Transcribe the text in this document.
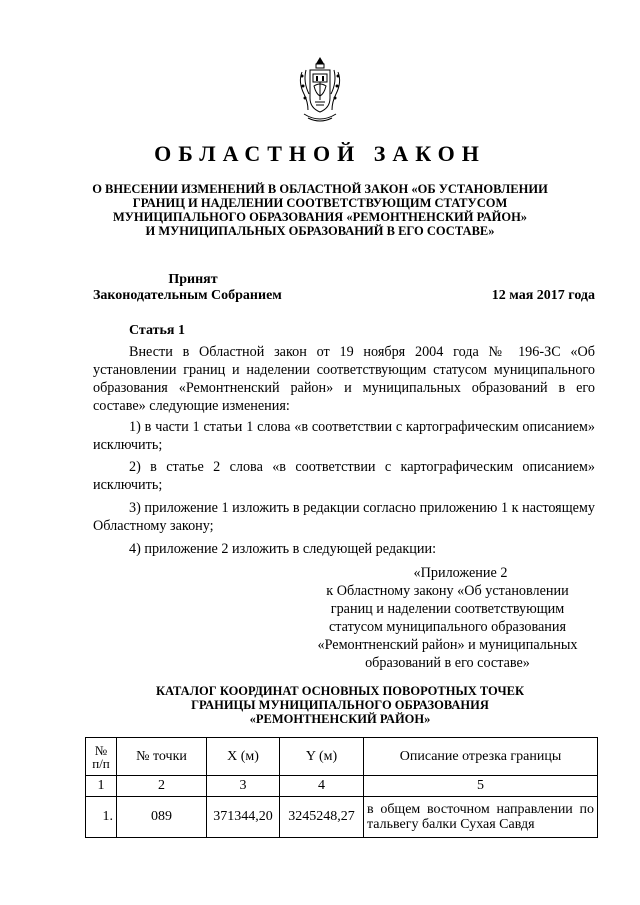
ОБЛАСТНОЙ ЗАКОН
О ВНЕСЕНИИ ИЗМЕНЕНИЙ В ОБЛАСТНОЙ ЗАКОН «ОБ УСТАНОВЛЕНИИ
ГРАНИЦ И НАДЕЛЕНИИ СООТВЕТСТВУЮЩИМ СТАТУСОМ
МУНИЦИПАЛЬНОГО ОБРАЗОВАНИЯ «РЕМОНТНЕНСКИЙ РАЙОН»
И МУНИЦИПАЛЬНЫХ ОБРАЗОВАНИЙ В ЕГО СОСТАВЕ»
Принят
Законодательным Собранием	12 мая 2017 года
Статья 1
Внести в Областной закон от 19 ноября 2004 года № 196-ЗС «Об установлении границ и наделении соответствующим статусом муниципального образования «Ремонтненский район» и муниципальных образований в его составе» следующие изменения:
1) в части 1 статьи 1 слова «в соответствии с картографическим описанием» исключить;
2) в статье 2 слова «в соответствии с картографическим описанием» исключить;
3) приложение 1 изложить в редакции согласно приложению 1 к настоящему Областному закону;
4) приложение 2 изложить в следующей редакции:
«Приложение 2
к Областному закону «Об установлении
границ и наделении соответствующим
статусом муниципального образования
«Ремонтненский район» и муниципальных
образований в его составе»
КАТАЛОГ КООРДИНАТ ОСНОВНЫХ ПОВОРОТНЫХ ТОЧЕК
ГРАНИЦЫ МУНИЦИПАЛЬНОГО ОБРАЗОВАНИЯ
«РЕМОНТНЕНСКИЙ РАЙОН»
№ п/п	№ точки	X (м)	Y (м)	Описание отрезка границы
1	2	3	4	5
1.	089	371344,20	3245248,27	в общем восточном направлении по тальвегу балки Сухая Савдя
